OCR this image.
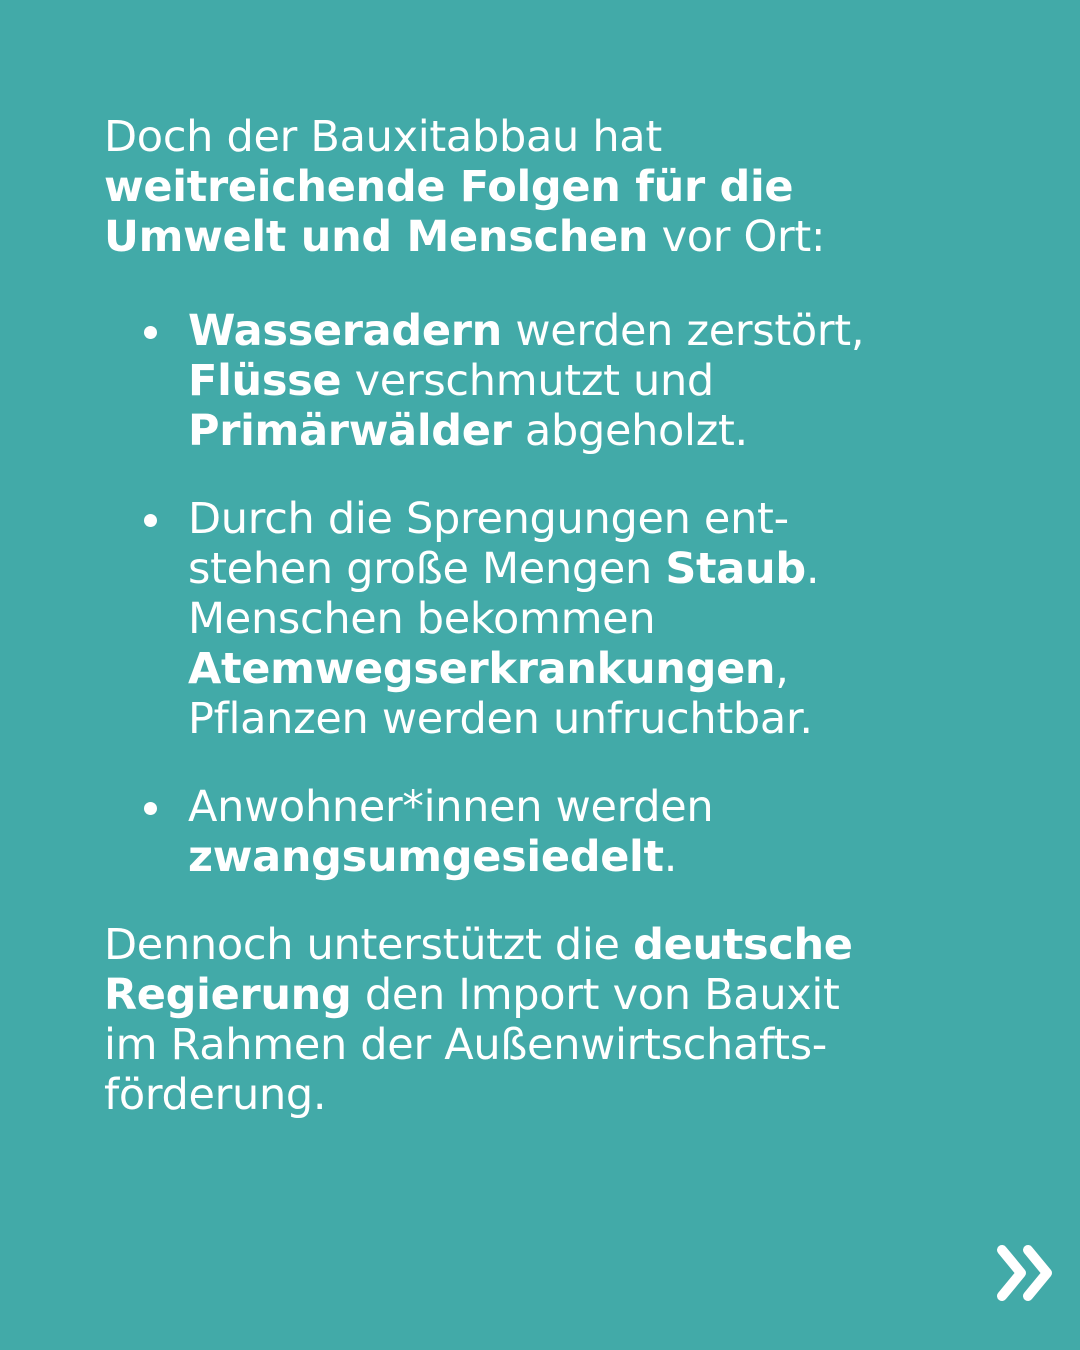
Doch der Bauxitabbau hat
weitreichende Folgen für die
Umwelt und Menschen vor Ort:

Wasseradern werden zerstört,
Flüsse verschmutzt und
Primärwälder abgeholzt.
Durch die Sprengungen ent-
stehen große Mengen Staub.
Menschen bekommen
Atemwegserkrankungen,
Pflanzen werden unfruchtbar.
Anwohner*innen werden
zwangsumgesiedelt.

Dennoch unterstützt die deutsche
Regierung den Import von Bauxit
im Rahmen der Außenwirtschafts-
förderung.
